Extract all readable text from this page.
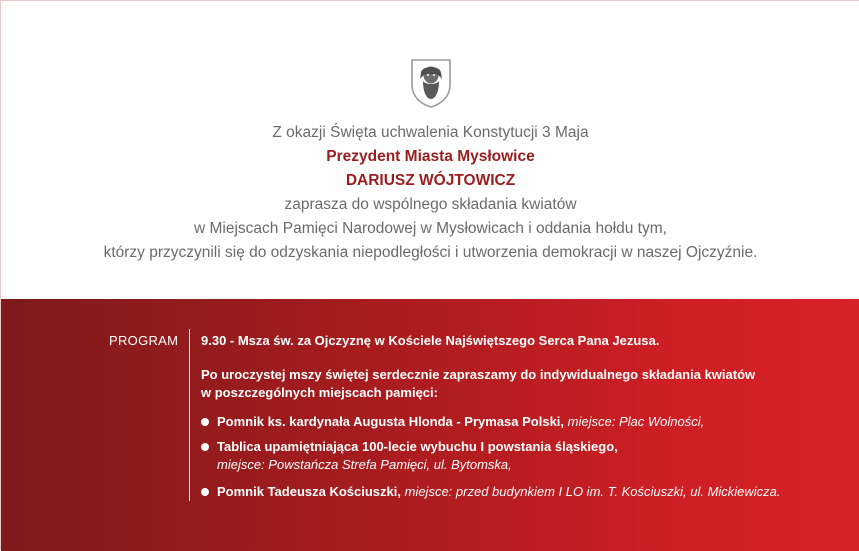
Z okazji Święta uchwalenia Konstytucji 3 Maja
Prezydent Miasta Mysłowice
DARIUSZ WÓJTOWICZ
zaprasza do wspólnego składania kwiatów
w Miejscach Pamięci Narodowej w Mysłowicach i oddania hołdu tym,
którzy przyczynili się do odzyskania niepodległości i utworzenia demokracji w naszej Ojczyźnie.
PROGRAM 9.30 - Msza św. za Ojczyznę w Kościele Najświętszego Serca Pana Jezusa.
Po uroczystej mszy świętej serdecznie zapraszamy do indywidualnego składania kwiatów
w poszczególnych miejscach pamięci:
Pomnik ks. kardynała Augusta Hlonda - Prymasa Polski, miejsce: Plac Wolności,
Tablica upamiętniająca 100-lecie wybuchu I powstania śląskiego,
miejsce: Powstańcza Strefa Pamięci, ul. Bytomska,
Pomnik Tadeusza Kościuszki, miejsce: przed budynkiem I LO im. T. Kościuszki, ul. Mickiewicza.
